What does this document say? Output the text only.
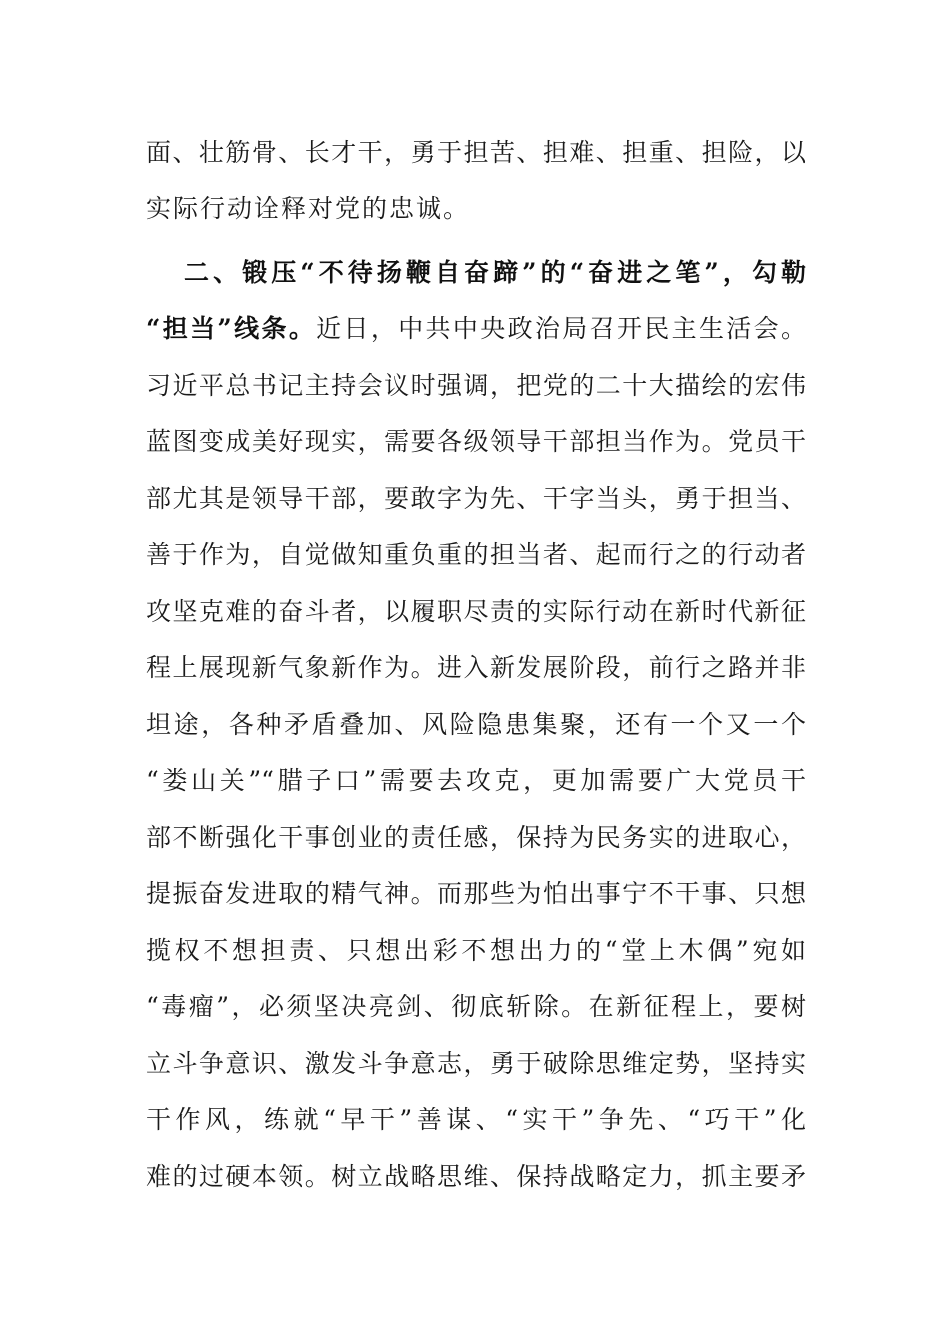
面、壮筋骨、长才干，勇于担苦、担难、担重、担险，以
实际行动诠释对党的忠诚。
二、锻压“不待扬鞭自奋蹄”的“奋进之笔”，勾勒
“担当”线条。近日，中共中央政治局召开民主生活会。
习近平总书记主持会议时强调，把党的二十大描绘的宏伟
蓝图变成美好现实，需要各级领导干部担当作为。党员干
部尤其是领导干部，要敢字为先、干字当头，勇于担当、
善于作为，自觉做知重负重的担当者、起而行之的行动者
攻坚克难的奋斗者，以履职尽责的实际行动在新时代新征
程上展现新气象新作为。进入新发展阶段，前行之路并非
坦途，各种矛盾叠加、风险隐患集聚，还有一个又一个
“娄山关”“腊子口”需要去攻克，更加需要广大党员干
部不断强化干事创业的责任感，保持为民务实的进取心，
提振奋发进取的精气神。而那些为怕出事宁不干事、只想
揽权不想担责、只想出彩不想出力的“堂上木偶”宛如
“毒瘤”，必须坚决亮剑、彻底斩除。在新征程上，要树
立斗争意识、激发斗争意志，勇于破除思维定势，坚持实
干作风，练就“早干”善谋、“实干”争先、“巧干”化
难的过硬本领。树立战略思维、保持战略定力，抓主要矛
